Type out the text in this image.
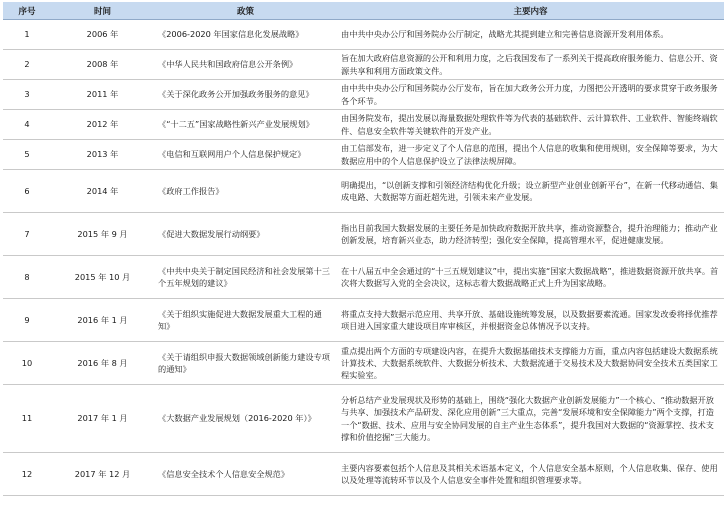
序号	时间	政策	主要内容
1	2006 年	《2006-2020 年国家信息化发展战略》	由中共中央办公厅和国务院办公厅制定，战略尤其提到建立和完善信息资源开发利用体系。
2	2008 年	《中华人民共和国政府信息公开条例》	旨在加大政府信息资源的公开和利用力度，之后我国发布了一系列关于提高政府服务能力、信息公开、资源共享和利用方面政策文件。
3	2011 年	《关于深化政务公开加强政务服务的意见》	由中共中央办公厅和国务院办公厅发布，旨在加大政务公开力度，力图把公开透明的要求贯穿于政务服务各个环节。
4	2012 年	《“十二五”国家战略性新兴产业发展规划》	由国务院发布，提出发展以海量数据处理软件等为代表的基础软件、云计算软件、工业软件、智能终端软件、信息安全软件等关键软件的开发产业。
5	2013 年	《电信和互联网用户个人信息保护规定》	由工信部发布，进一步定义了个人信息的范围，提出个人信息的收集和使用规则，安全保障等要求，为大数据应用中的个人信息保护设立了法律法规屏障。
6	2014 年	《政府工作报告》	明确提出，“以创新支撑和引领经济结构优化升级；设立新型产业创业创新平台”，在新一代移动通信、集成电路、大数据等方面赶超先进，引领未来产业发展。
7	2015 年 9 月	《促进大数据发展行动纲要》	指出目前我国大数据发展的主要任务是加快政府数据开放共享，推动资源整合，提升治理能力；推动产业创新发展，培育新兴业态，助力经济转型；强化安全保障，提高管理水平，促进健康发展。
8	2015 年 10 月	《中共中央关于制定国民经济和社会发展第十三个五年规划的建议》	在十八届五中全会通过的“十三五规划建议”中，提出实施“国家大数据战略”，推进数据资源开放共享。首次将大数据写入党的全会决议，这标志着大数据战略正式上升为国家战略。
9	2016 年 1 月	《关于组织实施促进大数据发展重大工程的通知》	将重点支持大数据示范应用、共享开放、基础设施统筹发展，以及数据要素流通。国家发改委将择优推荐项目进入国家重大建设项目库审核区，并根据资金总体情况予以支持。
10	2016 年 8 月	《关于请组织申报大数据领域创新能力建设专项的通知》	重点提出两个方面的专项建设内容，在提升大数据基础技术支撑能力方面，重点内容包括建设大数据系统计算技术、大数据系统软件、大数据分析技术、大数据流通于交易技术及大数据协同安全技术五类国家工程实验室。
11	2017 年 1 月	《大数据产业发展规划（2016-2020 年）》	分析总结产业发展现状及形势的基础上，围绕“强化大数据产业创新发展能力”一个核心、“推动数据开放与共享、加强技术产品研发、深化应用创新”三大重点，完善“发展环境和安全保障能力”两个支撑，打造一个“数据、技术、应用与安全协同发展的自主产业生态体系”，提升我国对大数据的“资源掌控、技术支撑和价值挖掘”三大能力。
12	2017 年 12 月	《信息安全技术个人信息安全规范》	主要内容要素包括个人信息及其相关术语基本定义，个人信息安全基本原则，个人信息收集、保存、使用以及处理等流转环节以及个人信息安全事件处置和组织管理要求等。
